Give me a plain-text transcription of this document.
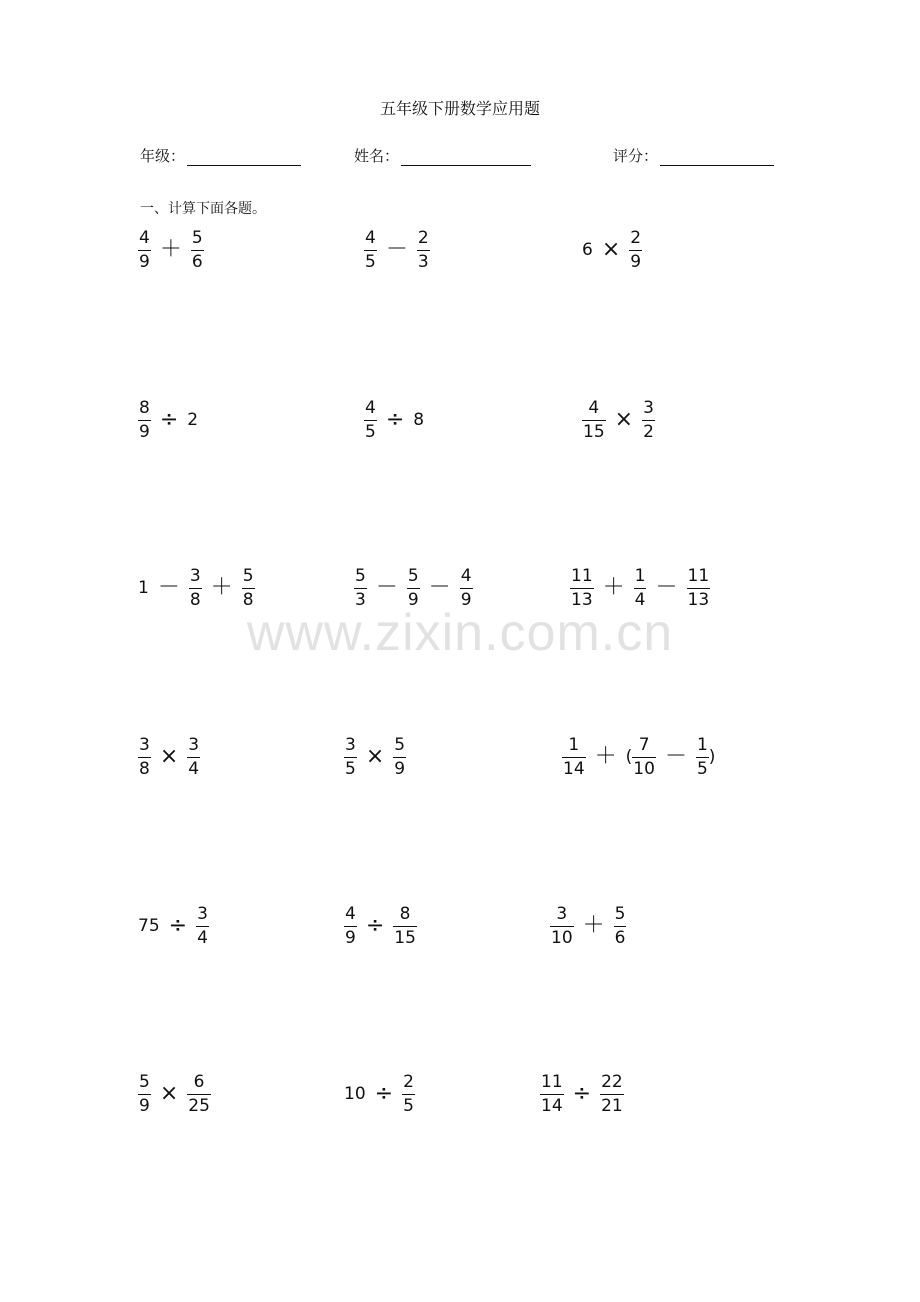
五年级下册数学应用题
年级：	姓名：	评分：
一、计算下面各题。
www.zixin.com.cn
$\frac{4}{9} + \frac{5}{6}$	$\frac{4}{5} - \frac{2}{3}$	$6 \times \frac{2}{9}$
$\frac{8}{9} \div 2$	$\frac{4}{5} \div 8$	$\frac{4}{15} \times \frac{3}{2}$
$1 - \frac{3}{8} + \frac{5}{8}$	$\frac{5}{3} - \frac{5}{9} - \frac{4}{9}$	$\frac{11}{13} + \frac{1}{4} - \frac{11}{13}$
$\frac{3}{8} \times \frac{3}{4}$	$\frac{3}{5} \times \frac{5}{9}$	$\frac{1}{14}$ ＋ ( $\frac{7}{10} - \frac{1}{5}$ )
$75 \div \frac{3}{4}$	$\frac{4}{9} \div \frac{8}{15}$	$\frac{3}{10} + \frac{5}{6}$
$\frac{5}{9} \times \frac{6}{25}$	$10 \div \frac{2}{5}$	$\frac{11}{14} \div \frac{22}{21}$
